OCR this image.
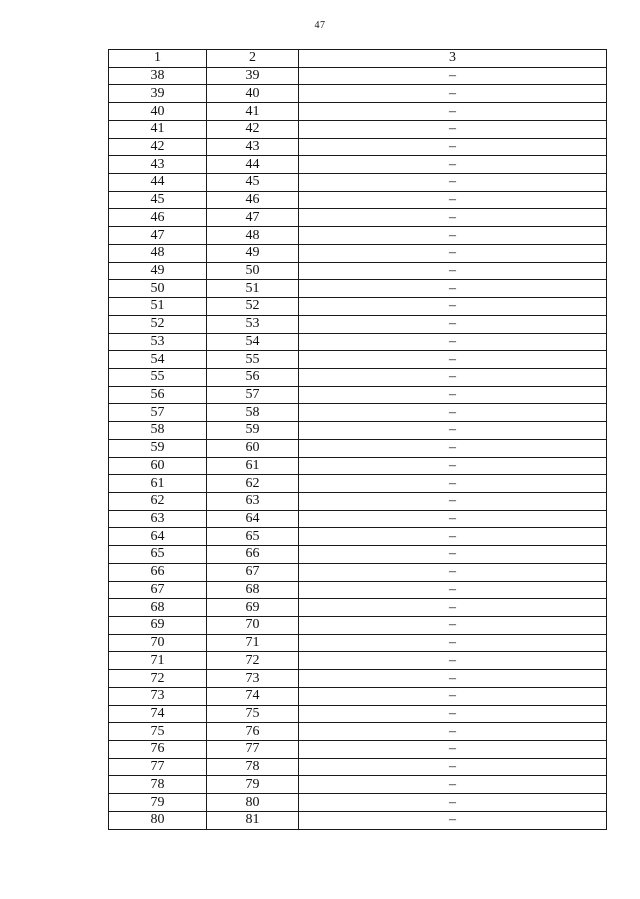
47
1	2	3
38	39	–
39	40	–
40	41	–
41	42	–
42	43	–
43	44	–
44	45	–
45	46	–
46	47	–
47	48	–
48	49	–
49	50	–
50	51	–
51	52	–
52	53	–
53	54	–
54	55	–
55	56	–
56	57	–
57	58	–
58	59	–
59	60	–
60	61	–
61	62	–
62	63	–
63	64	–
64	65	–
65	66	–
66	67	–
67	68	–
68	69	–
69	70	–
70	71	–
71	72	–
72	73	–
73	74	–
74	75	–
75	76	–
76	77	–
77	78	–
78	79	–
79	80	–
80	81	–
